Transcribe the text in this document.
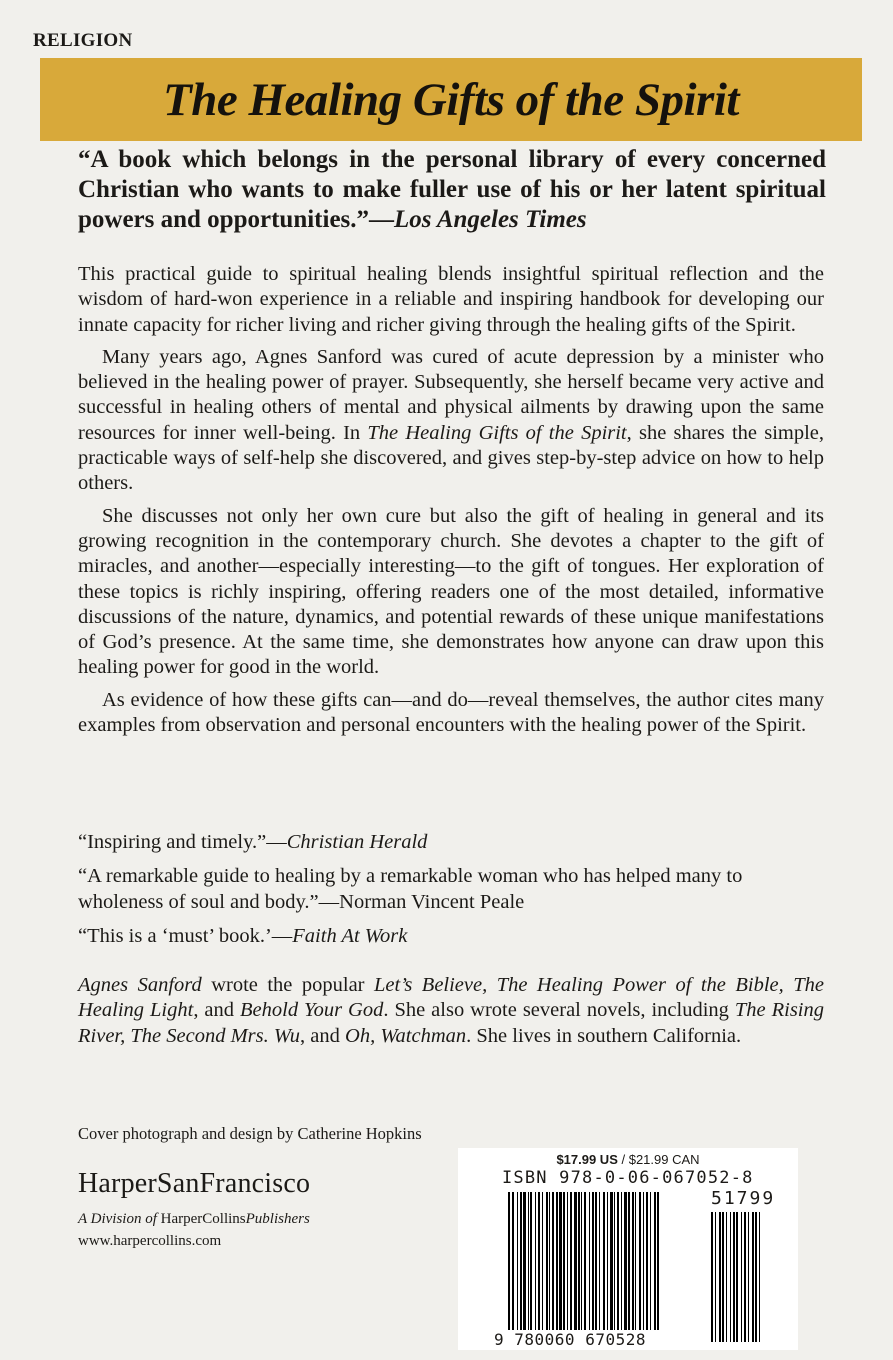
RELIGION
The Healing Gifts of the Spirit
“A book which belongs in the personal library of every concerned Christian who wants to make fuller use of his or her latent spiritual powers and opportunities.”—Los Angeles Times

This practical guide to spiritual healing blends insightful spiritual reflection and the wisdom of hard-won experience in a reliable and inspiring handbook for developing our innate capacity for richer living and richer giving through the healing gifts of the Spirit.

Many years ago, Agnes Sanford was cured of acute depression by a minister who believed in the healing power of prayer. Subsequently, she herself became very active and successful in healing others of mental and physical ailments by drawing upon the same resources for inner well-being. In The Healing Gifts of the Spirit, she shares the simple, practicable ways of self-help she discovered, and gives step-by-step advice on how to help others.

She discusses not only her own cure but also the gift of healing in general and its growing recognition in the contemporary church. She devotes a chapter to the gift of miracles, and another—especially interesting—to the gift of tongues. Her exploration of these topics is richly inspiring, offering readers one of the most detailed, informative discussions of the nature, dynamics, and potential rewards of these unique manifestations of God’s presence. At the same time, she demonstrates how anyone can draw upon this healing power for good in the world.

As evidence of how these gifts can—and do—reveal themselves, the author cites many examples from observation and personal encounters with the healing power of the Spirit.

“Inspiring and timely.”—Christian Herald

“A remarkable guide to healing by a remarkable woman who has helped many to wholeness of soul and body.”—Norman Vincent Peale

“This is a ‘must’ book.’—Faith At Work

Agnes Sanford wrote the popular Let’s Believe, The Healing Power of the Bible, The Healing Light, and Behold Your God. She also wrote several novels, including The Rising River, The Second Mrs. Wu, and Oh, Watchman. She lives in southern California.

Cover photograph and design by Catherine Hopkins
HarperSanFrancisco
A Division of HarperCollinsPublishers
www.harpercollins.com
$17.99 US / $21.99 CAN
ISBN 978-0-06-067052-8
51799
9 780060 670528
